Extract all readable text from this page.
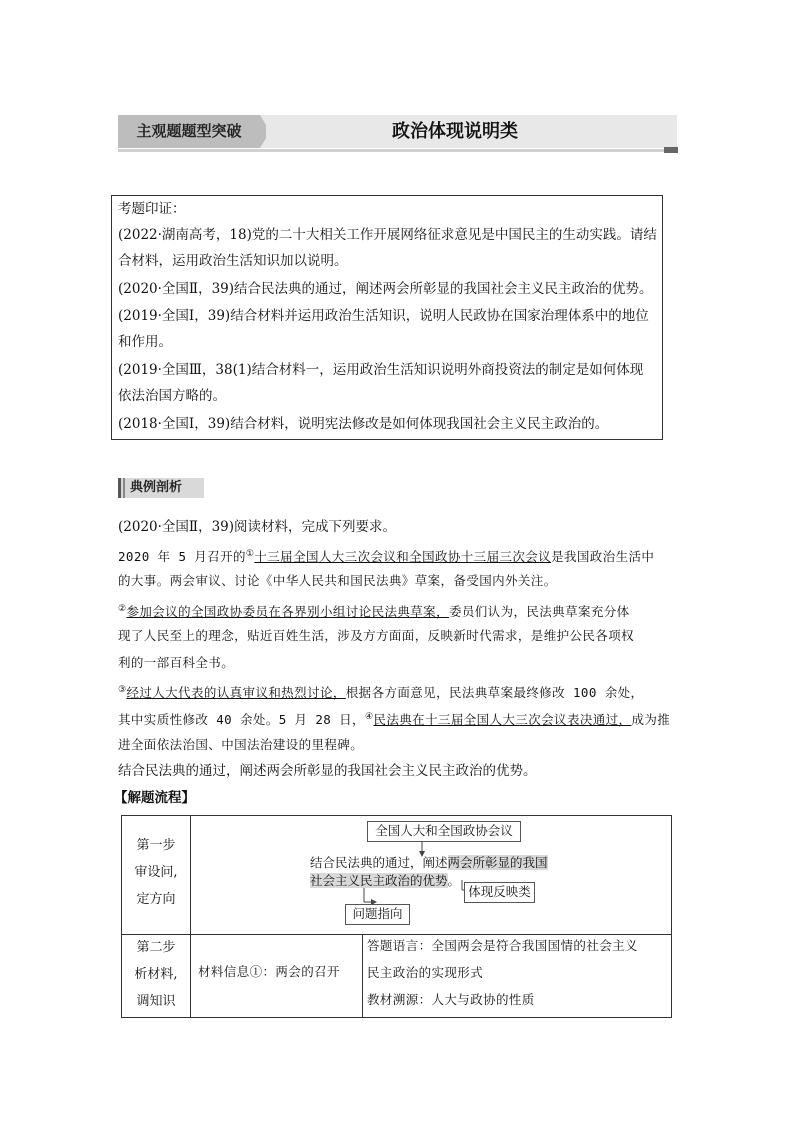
主观题题型突破	政治体现说明类
考题印证：
(2022·湖南高考，18)党的二十大相关工作开展网络征求意见是中国民主的生动实践。请结
合材料，运用政治生活知识加以说明。
(2020·全国Ⅱ，39)结合民法典的通过，阐述两会所彰显的我国社会主义民主政治的优势。
(2019·全国Ⅰ，39)结合材料并运用政治生活知识，说明人民政协在国家治理体系中的地位
和作用。
(2019·全国Ⅲ，38(1)结合材料一，运用政治生活知识说明外商投资法的制定是如何体现
依法治国方略的。
(2018·全国Ⅰ，39)结合材料，说明宪法修改是如何体现我国社会主义民主政治的。
典例剖析
(2020·全国Ⅱ，39)阅读材料，完成下列要求。
2020 年 5 月召开的①十三届全国人大三次会议和全国政协十三届三次会议是我国政治生活中
的大事。两会审议、讨论《中华人民共和国民法典》草案，备受国内外关注。
②参加会议的全国政协委员在各界别小组讨论民法典草案，委员们认为，民法典草案充分体
现了人民至上的理念，贴近百姓生活，涉及方方面面，反映新时代需求，是维护公民各项权
利的一部百科全书。
③经过人大代表的认真审议和热烈讨论，根据各方面意见，民法典草案最终修改 100 余处，
其中实质性修改 40 余处。5 月 28 日，④民法典在十三届全国人大三次会议表决通过，成为推
进全面依法治国、中国法治建设的里程碑。
结合民法典的通过，阐述两会所彰显的我国社会主义民主政治的优势。
【解题流程】
第一步
审设问,
定方向
第二步
析材料,
调知识
全国人大和全国政协会议
结合民法典的通过，阐述两会所彰显的我国
社会主义民主政治的优势。
体现反映类
问题指向
材料信息①：两会的召开
答题语言：全国两会是符合我国国情的社会主义
民主政治的实现形式
教材溯源：人大与政协的性质
